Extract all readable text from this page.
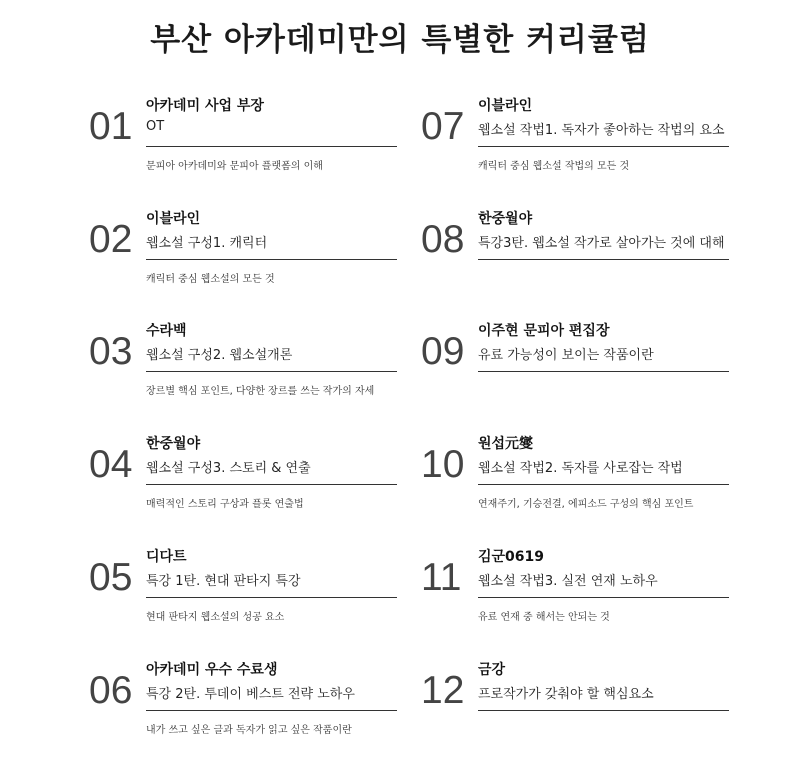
부산 아카데미만의 특별한 커리큘럼
01 아카데미 사업 부장
OT
문피아 아카데미와 문피아 플랫폼의 이해
02 이블라인
웹소설 구성1. 캐릭터
캐릭터 중심 웹소설의 모든 것
03 수라백
웹소설 구성2. 웹소설개론
장르별 핵심 포인트, 다양한 장르를 쓰는 작가의 자세
04 한중월야
웹소설 구성3. 스토리 & 연출
매력적인 스토리 구상과 플롯 연출법
05 디다트
특강 1탄. 현대 판타지 특강
현대 판타지 웹소설의 성공 요소
06 아카데미 우수 수료생
특강 2탄. 투데이 베스트 전략 노하우
내가 쓰고 싶은 글과 독자가 읽고 싶은 작품이란
07 이블라인
웹소설 작법1. 독자가 좋아하는 작법의 요소
캐릭터 중심 웹소설 작법의 모든 것
08 한중월야
특강3탄. 웹소설 작가로 살아가는 것에 대해
09 이주현 문피아 편집장
유료 가능성이 보이는 작품이란
10 원섭元燮
웹소설 작법2. 독자를 사로잡는 작법
연재주기, 기승전결, 에피소드 구성의 핵심 포인트
11 김군0619
웹소설 작법3. 실전 연재 노하우
유료 연재 중 해서는 안되는 것
12 금강
프로작가가 갖춰야 할 핵심요소
